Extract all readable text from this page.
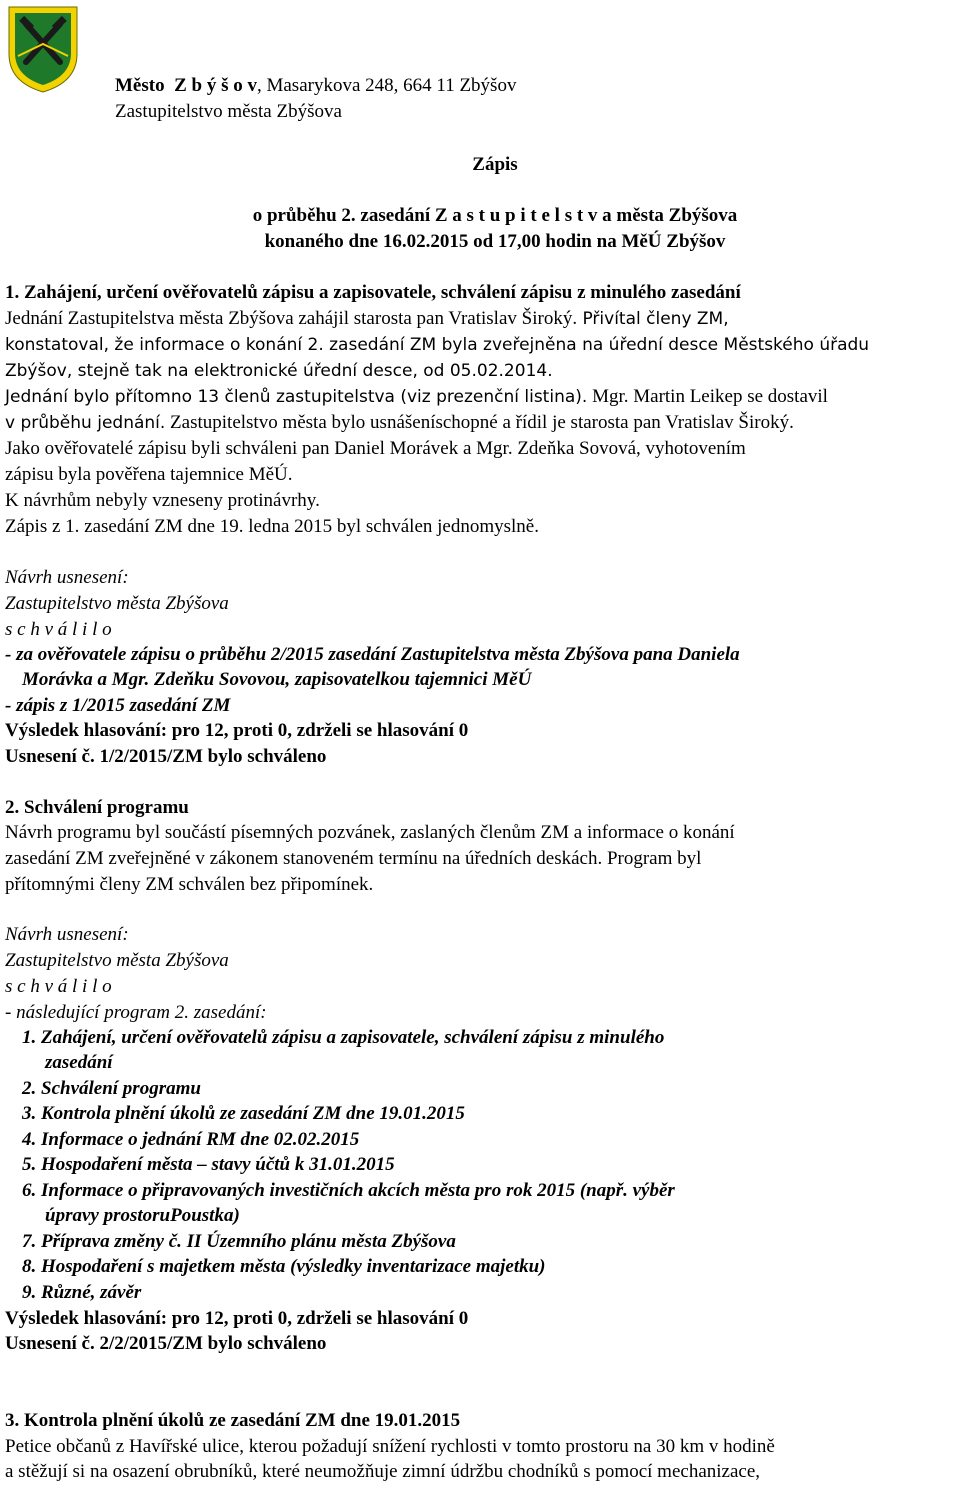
Město Z b ý š o v, Masarykova 248, 664 11 Zbýšov
Zastupitelstvo města Zbýšova
Zápis
o průběhu 2. zasedání Z a s t u p i t e l s t v a města Zbýšova
konaného dne 16.02.2015 od 17,00 hodin na MěÚ Zbýšov
1. Zahájení, určení ověřovatelů zápisu a zapisovatele, schválení zápisu z minulého zasedání
Jednání Zastupitelstva města Zbýšova zahájil starosta pan Vratislav Široký. Přivítal členy ZM,
konstatoval, že informace o konání 2. zasedání ZM byla zveřejněna na úřední desce Městského úřadu
Zbýšov, stejně tak na elektronické úřední desce, od 05.02.2014.
Jednání bylo přítomno 13 členů zastupitelstva (viz prezenční listina). Mgr. Martin Leikep se dostavil
v průběhu jednání. Zastupitelstvo města bylo usnášeníschopné a řídil je starosta pan Vratislav Široký.
Jako ověřovatelé zápisu byli schváleni pan Daniel Morávek a Mgr. Zdeňka Sovová, vyhotovením
zápisu byla pověřena tajemnice MěÚ.
K návrhům nebyly vzneseny protinávrhy.
Zápis z 1. zasedání ZM dne 19. ledna 2015 byl schválen jednomyslně.
Návrh usnesení:
Zastupitelstvo města Zbýšova
s c h v á l i l o
- za ověřovatele zápisu o průběhu 2/2015 zasedání Zastupitelstva města Zbýšova pana Daniela
Morávka a Mgr. Zdeňku Sovovou, zapisovatelkou tajemnici MěÚ
- zápis z 1/2015 zasedání ZM
Výsledek hlasování: pro 12, proti 0, zdrželi se hlasování 0
Usnesení č. 1/2/2015/ZM bylo schváleno
2. Schválení programu
Návrh programu byl součástí písemných pozvánek, zaslaných členům ZM a informace o konání
zasedání ZM zveřejněné v zákonem stanoveném termínu na úředních deskách. Program byl
přítomnými členy ZM schválen bez připomínek.
Návrh usnesení:
Zastupitelstvo města Zbýšova
s c h v á l i l o
- následující program 2. zasedání:
1. Zahájení, určení ověřovatelů zápisu a zapisovatele, schválení zápisu z minulého
zasedání
2. Schválení programu
3. Kontrola plnění úkolů ze zasedání ZM dne 19.01.2015
4. Informace o jednání RM dne 02.02.2015
5. Hospodaření města – stavy účtů k 31.01.2015
6. Informace o připravovaných investičních akcích města pro rok 2015 (např. výběr
úpravy prostoruPoustka)
7. Příprava změny č. II Územního plánu města Zbýšova
8. Hospodaření s majetkem města (výsledky inventarizace majetku)
9. Různé, závěr
Výsledek hlasování: pro 12, proti 0, zdrželi se hlasování 0
Usnesení č. 2/2/2015/ZM bylo schváleno
3. Kontrola plnění úkolů ze zasedání ZM dne 19.01.2015
Petice občanů z Havířské ulice, kterou požadují snížení rychlosti v tomto prostoru na 30 km v hodině
a stěžují si na osazení obrubníků, které neumožňuje zimní údržbu chodníků s pomocí mechanizace,
